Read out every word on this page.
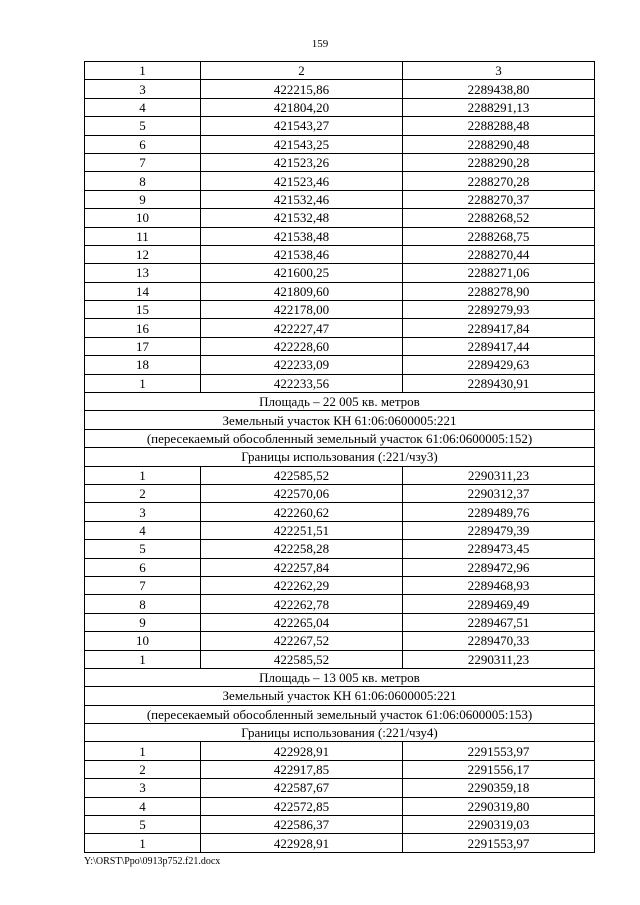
159
1	2	3
3	422215,86	2289438,80
4	421804,20	2288291,13
5	421543,27	2288288,48
6	421543,25	2288290,48
7	421523,26	2288290,28
8	421523,46	2288270,28
9	421532,46	2288270,37
10	421532,48	2288268,52
11	421538,48	2288268,75
12	421538,46	2288270,44
13	421600,25	2288271,06
14	421809,60	2288278,90
15	422178,00	2289279,93
16	422227,47	2289417,84
17	422228,60	2289417,44
18	422233,09	2289429,63
1	422233,56	2289430,91
Площадь – 22 005 кв. метров		
Земельный участок КН 61:06:0600005:221		
(пересекаемый обособленный земельный участок 61:06:0600005:152)		
Границы использования (:221/чзу3)		
1	422585,52	2290311,23
2	422570,06	2290312,37
3	422260,62	2289489,76
4	422251,51	2289479,39
5	422258,28	2289473,45
6	422257,84	2289472,96
7	422262,29	2289468,93
8	422262,78	2289469,49
9	422265,04	2289467,51
10	422267,52	2289470,33
1	422585,52	2290311,23
Площадь – 13 005 кв. метров		
Земельный участок КН 61:06:0600005:221		
(пересекаемый обособленный земельный участок 61:06:0600005:153)		
Границы использования (:221/чзу4)		
1	422928,91	2291553,97
2	422917,85	2291556,17
3	422587,67	2290359,18
4	422572,85	2290319,80
5	422586,37	2290319,03
1	422928,91	2291553,97
Y:\ORST\Ppo\0913p752.f21.docx
